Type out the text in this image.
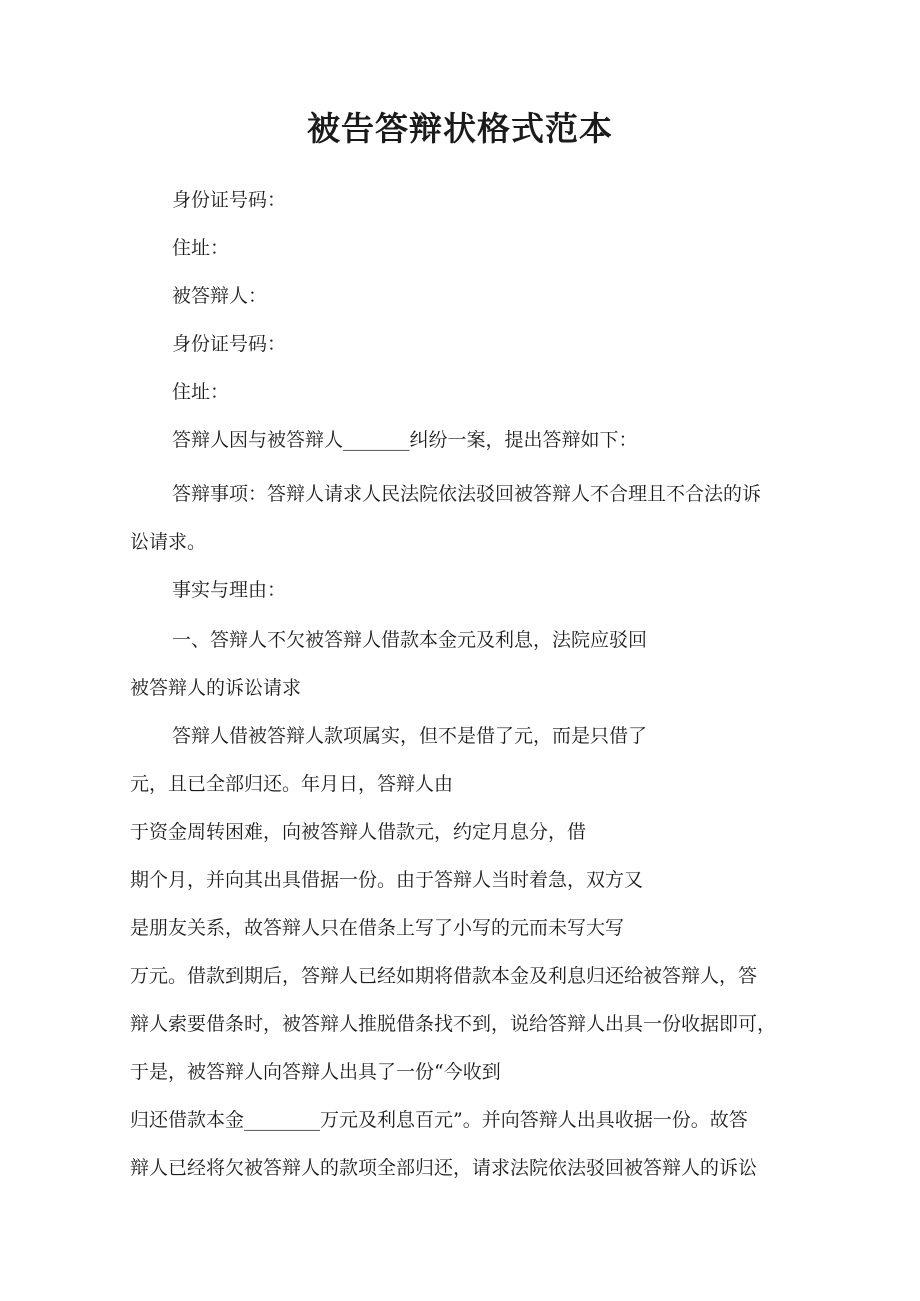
被告答辩状格式范本

身份证号码：

住址：

被答辩人：

身份证号码：

住址：

答辩人因与被答辩人_______纠纷一案，提出答辩如下：

答辩事项：答辩人请求人民法院依法驳回被答辩人不合理且不合法的诉

讼请求。

事实与理由：

一、答辩人不欠被答辩人借款本金元及利息，法院应驳回

被答辩人的诉讼请求

答辩人借被答辩人款项属实，但不是借了元，而是只借了

元，且已全部归还。年月日，答辩人由

于资金周转困难，向被答辩人借款元，约定月息分，借

期个月，并向其出具借据一份。由于答辩人当时着急，双方又

是朋友关系，故答辩人只在借条上写了小写的元而未写大写

万元。借款到期后，答辩人已经如期将借款本金及利息归还给被答辩人，答

辩人索要借条时，被答辩人推脱借条找不到，说给答辩人出具一份收据即可，

于是，被答辩人向答辩人出具了一份“今收到

归还借款本金________万元及利息百元”。并向答辩人出具收据一份。故答

辩人已经将欠被答辩人的款项全部归还，请求法院依法驳回被答辩人的诉讼
